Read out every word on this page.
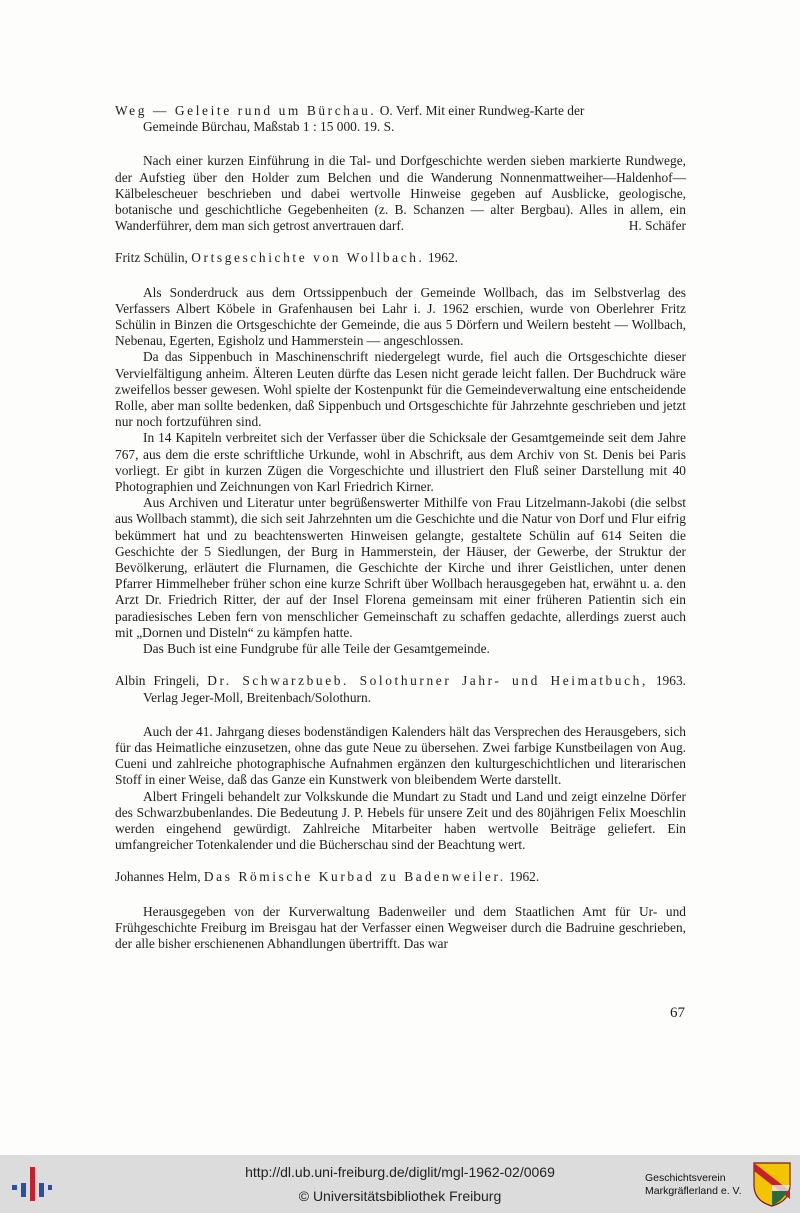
Weg — Geleite rund um Bürchau. O. Verf. Mit einer Rundweg-Karte der
Gemeinde Bürchau, Maßstab 1 : 15 000. 19. S.

Nach einer kurzen Einführung in die Tal- und Dorfgeschichte werden sieben markierte Rundwege, der Aufstieg über den Holder zum Belchen und die Wanderung Nonnenmattweiher—Haldenhof—Kälbelescheuer beschrieben und dabei wertvolle Hinweise gegeben auf Ausblicke, geologische, botanische und geschichtliche Gegebenheiten (z. B. Schanzen — alter Bergbau). Alles in allem, ein Wanderführer, dem man sich getrost anvertrauen darf.	H. Schäfer

Fritz Schülin, Ortsgeschichte von Wollbach. 1962.

Als Sonderdruck aus dem Ortssippenbuch der Gemeinde Wollbach, das im Selbstverlag des Verfassers Albert Köbele in Grafenhausen bei Lahr i. J. 1962 erschien, wurde von Oberlehrer Fritz Schülin in Binzen die Ortsgeschichte der Gemeinde, die aus 5 Dörfern und Weilern besteht — Wollbach, Nebenau, Egerten, Egisholz und Hammerstein — angeschlossen.

Da das Sippenbuch in Maschinenschrift niedergelegt wurde, fiel auch die Ortsgeschichte dieser Vervielfältigung anheim. Älteren Leuten dürfte das Lesen nicht gerade leicht fallen. Der Buchdruck wäre zweifellos besser gewesen. Wohl spielte der Kostenpunkt für die Gemeindeverwaltung eine entscheidende Rolle, aber man sollte bedenken, daß Sippenbuch und Ortsgeschichte für Jahrzehnte geschrieben und jetzt nur noch fortzuführen sind.

In 14 Kapiteln verbreitet sich der Verfasser über die Schicksale der Gesamtgemeinde seit dem Jahre 767, aus dem die erste schriftliche Urkunde, wohl in Abschrift, aus dem Archiv von St. Denis bei Paris vorliegt. Er gibt in kurzen Zügen die Vorgeschichte und illustriert den Fluß seiner Darstellung mit 40 Photographien und Zeichnungen von Karl Friedrich Kirner.

Aus Archiven und Literatur unter begrüßenswerter Mithilfe von Frau Litzelmann-Jakobi (die selbst aus Wollbach stammt), die sich seit Jahrzehnten um die Geschichte und die Natur von Dorf und Flur eifrig bekümmert hat und zu beachtenswerten Hinweisen gelangte, gestaltete Schülin auf 614 Seiten die Geschichte der 5 Siedlungen, der Burg in Hammerstein, der Häuser, der Gewerbe, der Struktur der Bevölkerung, erläutert die Flurnamen, die Geschichte der Kirche und ihrer Geistlichen, unter denen Pfarrer Himmelheber früher schon eine kurze Schrift über Wollbach herausgegeben hat, erwähnt u. a. den Arzt Dr. Friedrich Ritter, der auf der Insel Florena gemeinsam mit einer früheren Patientin sich ein paradiesisches Leben fern von menschlicher Gemeinschaft zu schaffen gedachte, allerdings zuerst auch mit „Dornen und Disteln“ zu kämpfen hatte.

Das Buch ist eine Fundgrube für alle Teile der Gesamtgemeinde.

Albin Fringeli, Dr. Schwarzbueb. Solothurner Jahr- und Heimatbuch, 1963. Verlag Jeger-Moll, Breitenbach/Solothurn.

Auch der 41. Jahrgang dieses bodenständigen Kalenders hält das Versprechen des Herausgebers, sich für das Heimatliche einzusetzen, ohne das gute Neue zu übersehen. Zwei farbige Kunstbeilagen von Aug. Cueni und zahlreiche photographische Aufnahmen ergänzen den kulturgeschichtlichen und literarischen Stoff in einer Weise, daß das Ganze ein Kunstwerk von bleibendem Werte darstellt.

Albert Fringeli behandelt zur Volkskunde die Mundart zu Stadt und Land und zeigt einzelne Dörfer des Schwarzbubenlandes. Die Bedeutung J. P. Hebels für unsere Zeit und des 80jährigen Felix Moeschlin werden eingehend gewürdigt. Zahlreiche Mitarbeiter haben wertvolle Beiträge geliefert. Ein umfangreicher Totenkalender und die Bücherschau sind der Beachtung wert.

Johannes Helm, Das Römische Kurbad zu Badenweiler. 1962.

Herausgegeben von der Kurverwaltung Badenweiler und dem Staatlichen Amt für Ur- und Frühgeschichte Freiburg im Breisgau hat der Verfasser einen Wegweiser durch die Badruine geschrieben, der alle bisher erschienenen Abhandlungen übertrifft. Das war

67
http://dl.ub.uni-freiburg.de/diglit/mgl-1962-02/0069
© Universitätsbibliothek Freiburg
Geschichtsverein
Markgräflerland e. V.
